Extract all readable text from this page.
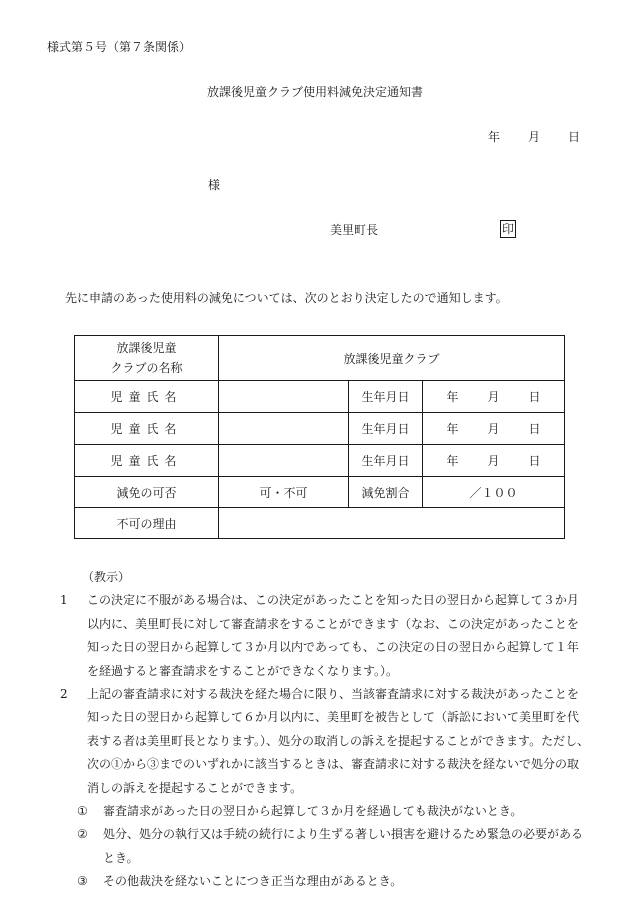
様式第５号（第７条関係）
放課後児童クラブ使用料減免決定通知書
年 月 日
様
美里町長	印
先に申請のあった使用料の減免については、次のとおり決定したので通知します。
放課後児童
クラブの名称	放課後児童クラブ		
児童氏名		生年月日	年 月 日

児童氏名		生年月日	年 月 日

児童氏名		生年月日	年 月 日

減免の可否	可・不可	減免割合	／１００
不可の理由			

（教示）

1	この決定に不服がある場合は、この決定があったことを知った日の翌日から起算して３か月以内に、美里町長に対して審査請求をすることができます（なお、この決定があったことを知った日の翌日から起算して３か月以内であっても、この決定の日の翌日から起算して１年を経過すると審査請求をすることができなくなります。）。
2	上記の審査請求に対する裁決を経た場合に限り、当該審査請求に対する裁決があったことを知った日の翌日から起算して６か月以内に、美里町を被告として（訴訟において美里町を代表する者は美里町長となります。）、処分の取消しの訴えを提起することができます。ただし、次の①から③までのいずれかに該当するときは、審査請求に対する裁決を経ないで処分の取消しの訴えを提起することができます。
①	審査請求があった日の翌日から起算して３か月を経過しても裁決がないとき。
②	処分、処分の執行又は手続の続行により生ずる著しい損害を避けるため緊急の必要があるとき。
③	その他裁決を経ないことにつき正当な理由があるとき。
